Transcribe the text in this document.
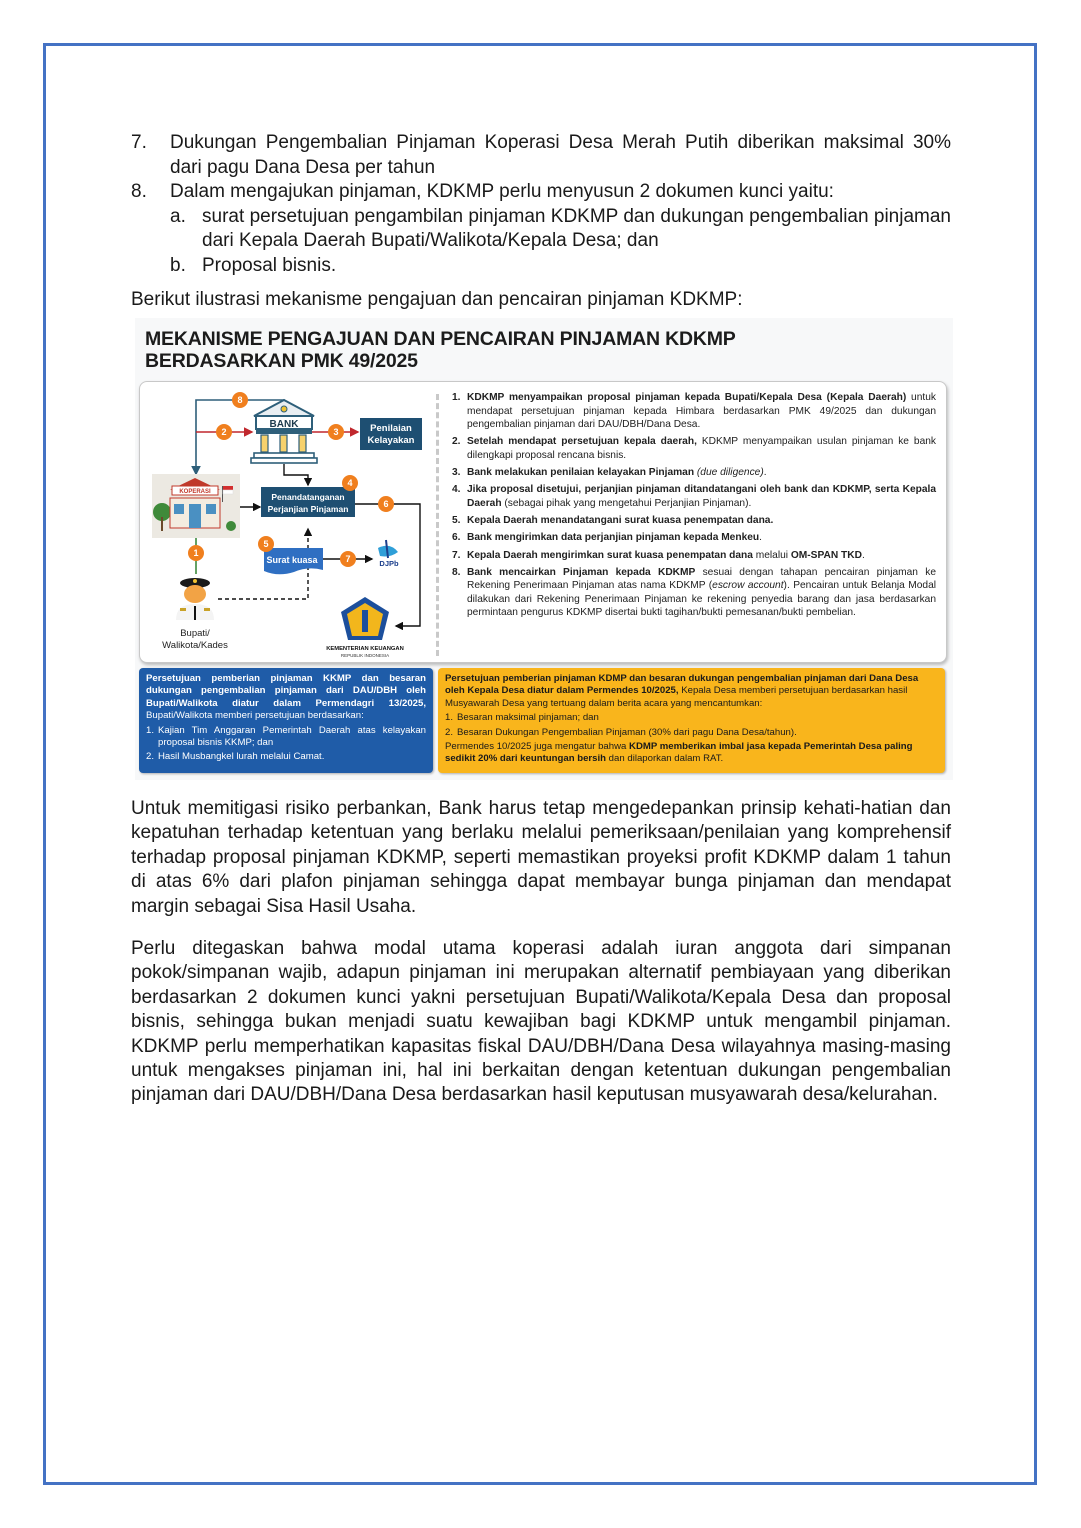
7. Dukungan Pengembalian Pinjaman Koperasi Desa Merah Putih diberikan maksimal 30% dari pagu Dana Desa per tahun
8. Dalam mengajukan pinjaman, KDKMP perlu menyusun 2 dokumen kunci yaitu:
a. surat persetujuan pengambilan pinjaman KDKMP dan dukungan pengembalian pinjaman dari Kepala Daerah Bupati/Walikota/Kepala Desa; dan
b. Proposal bisnis.
Berikut ilustrasi mekanisme pengajuan dan pencairan pinjaman KDKMP:
MEKANISME PENGAJUAN DAN PENCAIRAN PINJAMAN KDKMP
BERDASARKAN PMK 49/2025
BANK	Penilaian
Kelayakan
KOPERASI	Penandatanganan
Perjanjian Pinjaman
Surat kuasa	DJPb
KEMENTERIAN KEUANGAN
REPUBLIK INDONESIA
Bupati/
Walikota/Kades
8
2	3
4
6
5
7
1
1. KDKMP menyampaikan proposal pinjaman kepada Bupati/Kepala Desa (Kepala Daerah) untuk mendapat persetujuan pinjaman kepada Himbara berdasarkan PMK 49/2025 dan dukungan pengembalian pinjaman dari DAU/DBH/Dana Desa.
2. Setelah mendapat persetujuan kepala daerah, KDKMP menyampaikan usulan pinjaman ke bank dilengkapi proposal rencana bisnis.
3. Bank melakukan penilaian kelayakan Pinjaman (due diligence).
4. Jika proposal disetujui, perjanjian pinjaman ditandatangani oleh bank dan KDKMP, serta Kepala Daerah (sebagai pihak yang mengetahui Perjanjian Pinjaman).
5. Kepala Daerah menandatangani surat kuasa penempatan dana.
6. Bank mengirimkan data perjanjian pinjaman kepada Menkeu.
7. Kepala Daerah mengirimkan surat kuasa penempatan dana melalui OM-SPAN TKD.
8. Bank mencairkan Pinjaman kepada KDKMP sesuai dengan tahapan pencairan pinjaman ke Rekening Penerimaan Pinjaman atas nama KDKMP (escrow account). Pencairan untuk Belanja Modal dilakukan dari Rekening Penerimaan Pinjaman ke rekening penyedia barang dan jasa berdasarkan permintaan pengurus KDKMP disertai bukti tagihan/bukti pemesanan/bukti pembelian.
Persetujuan pemberian pinjaman KKMP dan besaran dukungan pengembalian pinjaman dari DAU/DBH oleh Bupati/Walikota diatur dalam Permendagri 13/2025, Bupati/Walikota memberi persetujuan berdasarkan:
1. Kajian Tim Anggaran Pemerintah Daerah atas kelayakan proposal bisnis KKMP; dan
2. Hasil Musbangkel lurah melalui Camat.
Persetujuan pemberian pinjaman KDMP dan besaran dukungan pengembalian pinjaman dari Dana Desa oleh Kepala Desa diatur dalam Permendes 10/2025, Kepala Desa memberi persetujuan berdasarkan hasil Musyawarah Desa yang tertuang dalam berita acara yang mencantumkan:
1. Besaran maksimal pinjaman; dan
2. Besaran Dukungan Pengembalian Pinjaman (30% dari pagu Dana Desa/tahun).
Permendes 10/2025 juga mengatur bahwa KDMP memberikan imbal jasa kepada Pemerintah Desa paling sedikit 20% dari keuntungan bersih dan dilaporkan dalam RAT.
Untuk memitigasi risiko perbankan, Bank harus tetap mengedepankan prinsip kehati-hatian dan kepatuhan terhadap ketentuan yang berlaku melalui pemeriksaan/penilaian yang komprehensif terhadap proposal pinjaman KDKMP, seperti memastikan proyeksi profit KDKMP dalam 1 tahun di atas 6% dari plafon pinjaman sehingga dapat membayar bunga pinjaman dan mendapat margin sebagai Sisa Hasil Usaha.
Perlu ditegaskan bahwa modal utama koperasi adalah iuran anggota dari simpanan pokok/simpanan wajib, adapun pinjaman ini merupakan alternatif pembiayaan yang diberikan berdasarkan 2 dokumen kunci yakni persetujuan Bupati/Walikota/Kepala Desa dan proposal bisnis, sehingga bukan menjadi suatu kewajiban bagi KDKMP untuk mengambil pinjaman. KDKMP perlu memperhatikan kapasitas fiskal DAU/DBH/Dana Desa wilayahnya masing-masing untuk mengakses pinjaman ini, hal ini berkaitan dengan ketentuan dukungan pengembalian pinjaman dari DAU/DBH/Dana Desa berdasarkan hasil keputusan musyawarah desa/kelurahan.
